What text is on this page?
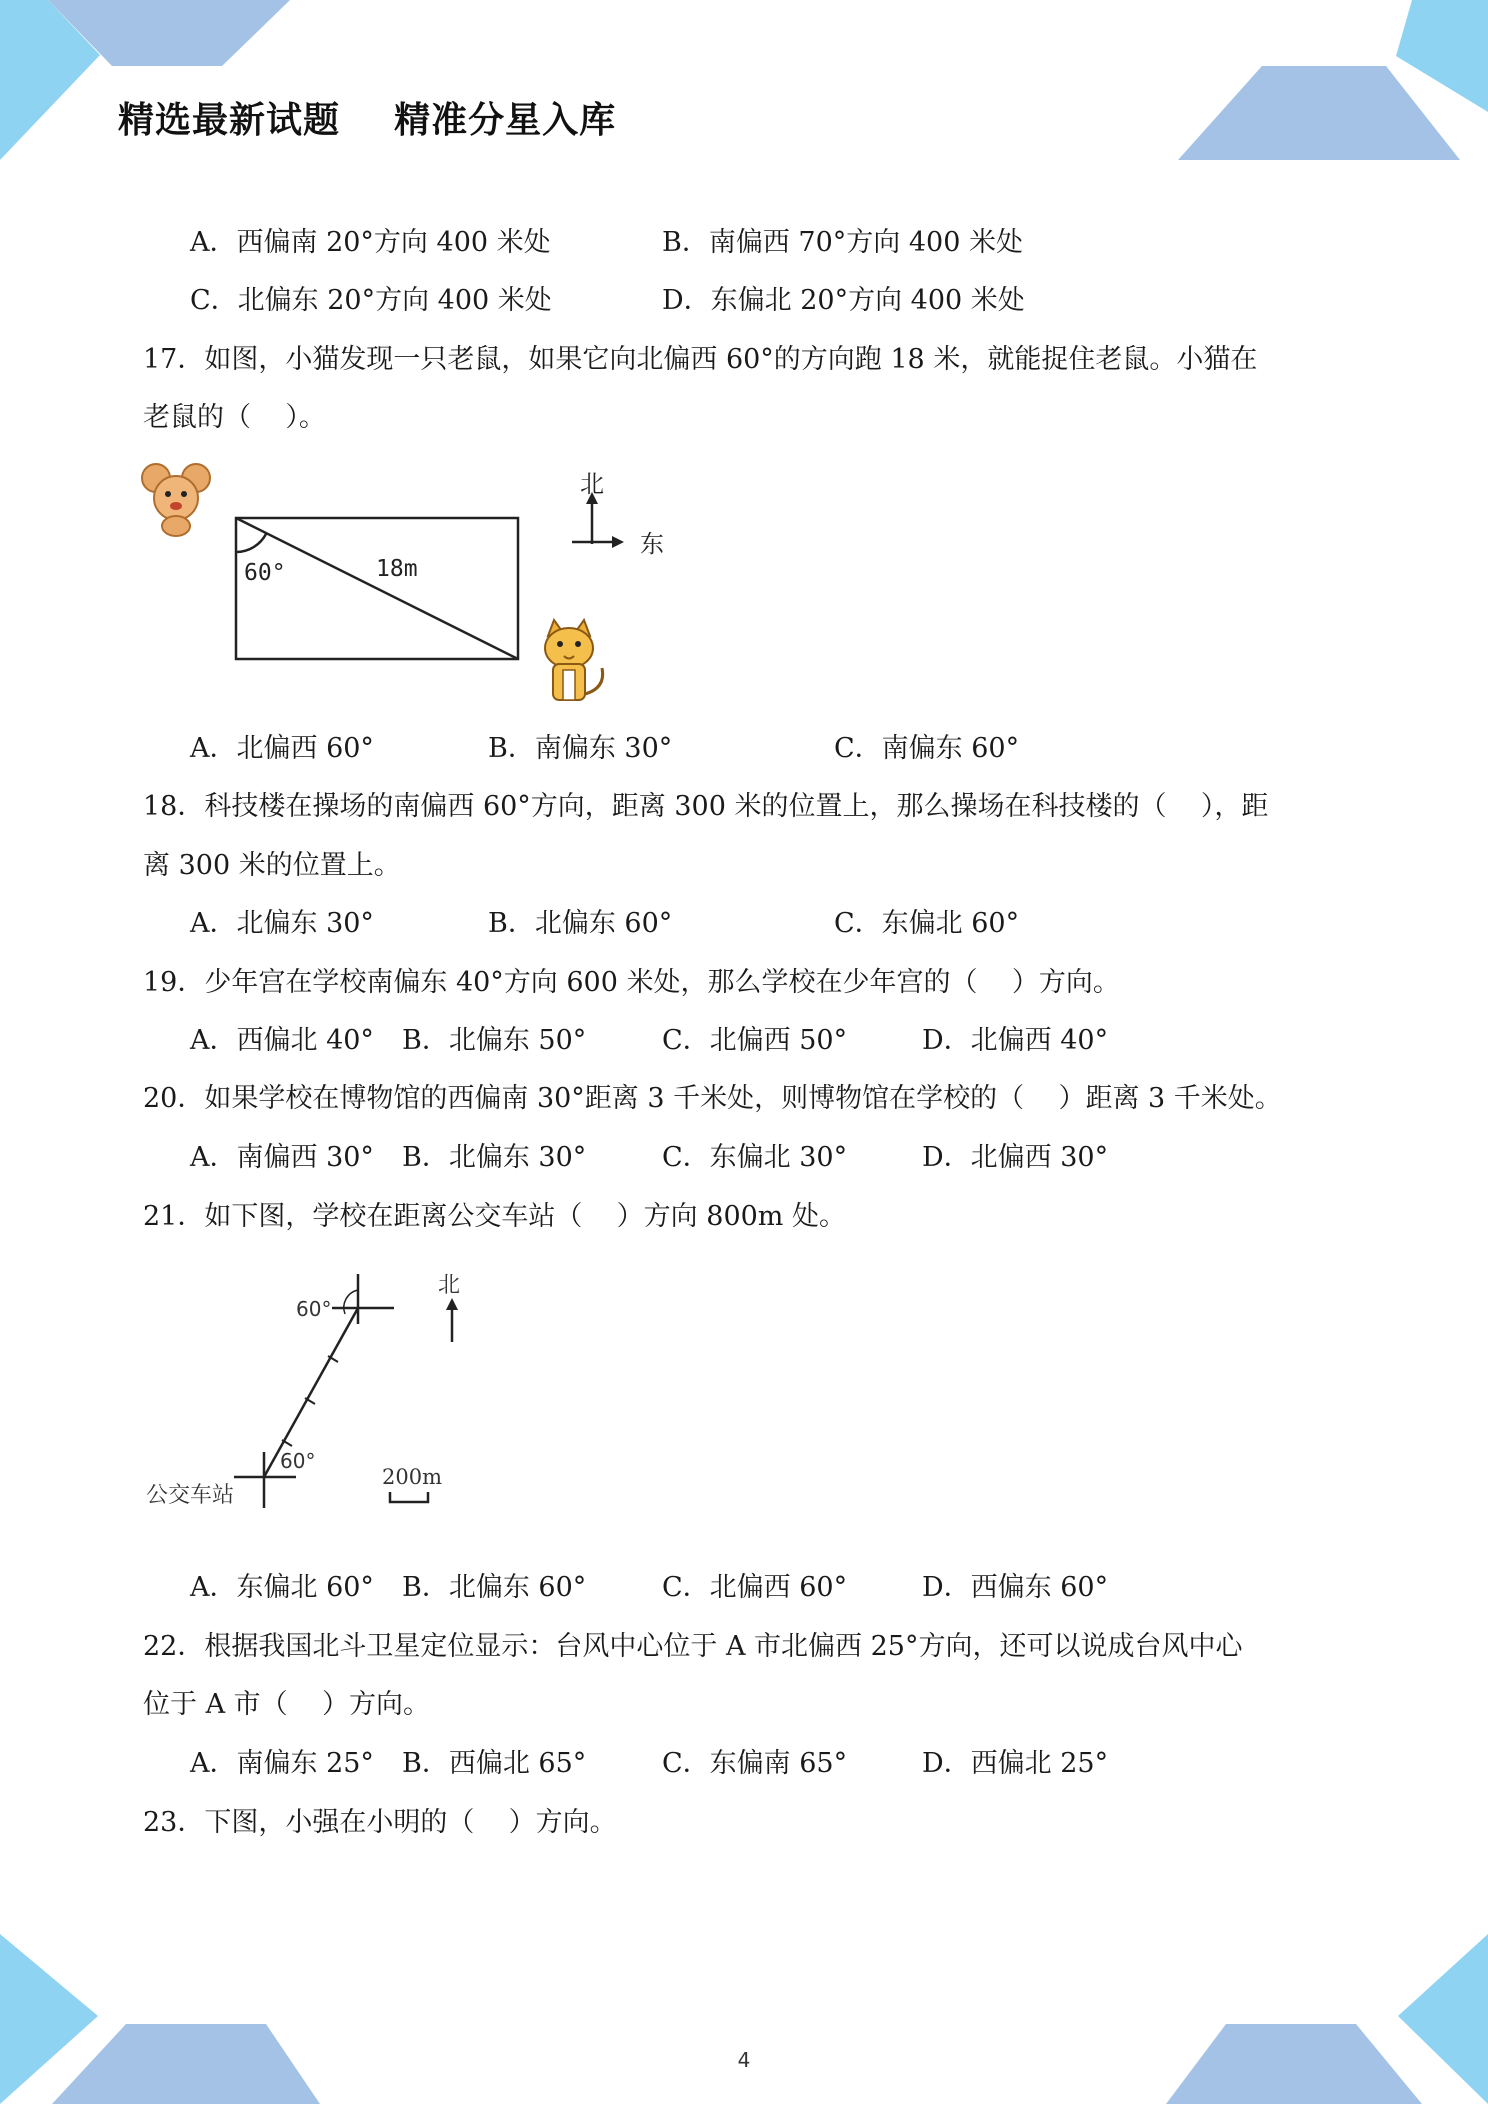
精选最新试题    精准分星入库
A．西偏南 20°方向 400 米处	B．南偏西 70°方向 400 米处
C．北偏东 20°方向 400 米处	D．东偏北 20°方向 400 米处
17．如图，小猫发现一只老鼠，如果它向北偏西 60°的方向跑 18 米，就能捉住老鼠。小猫在
老鼠的（    ）。
60°	18m
北
东
A．北偏西 60°	B．南偏东 30°	C．南偏东 60°
18．科技楼在操场的南偏西 60°方向，距离 300 米的位置上，那么操场在科技楼的（    ），距
离 300 米的位置上。
A．北偏东 30°	B．北偏东 60°	C．东偏北 60°
19．少年宫在学校南偏东 40°方向 600 米处，那么学校在少年宫的（    ）方向。
A．西偏北 40° B．北偏东 50°	C．北偏西 50°	D．北偏西 40°
20．如果学校在博物馆的西偏南 30°距离 3 千米处，则博物馆在学校的（    ）距离 3 千米处。
A．南偏西 30° B．北偏东 30°	C．东偏北 30°	D．北偏西 30°
21．如下图，学校在距离公交车站（    ）方向 800m 处。
60°
60°
北
公交车站
200m
A．东偏北 60° B．北偏东 60°	C．北偏西 60°	D．西偏东 60°
22．根据我国北斗卫星定位显示：台风中心位于 A 市北偏西 25°方向，还可以说成台风中心
位于 A 市（    ）方向。
A．南偏东 25° B．西偏北 65°	C．东偏南 65°	D．西偏北 25°
23．下图，小强在小明的（    ）方向。
4
